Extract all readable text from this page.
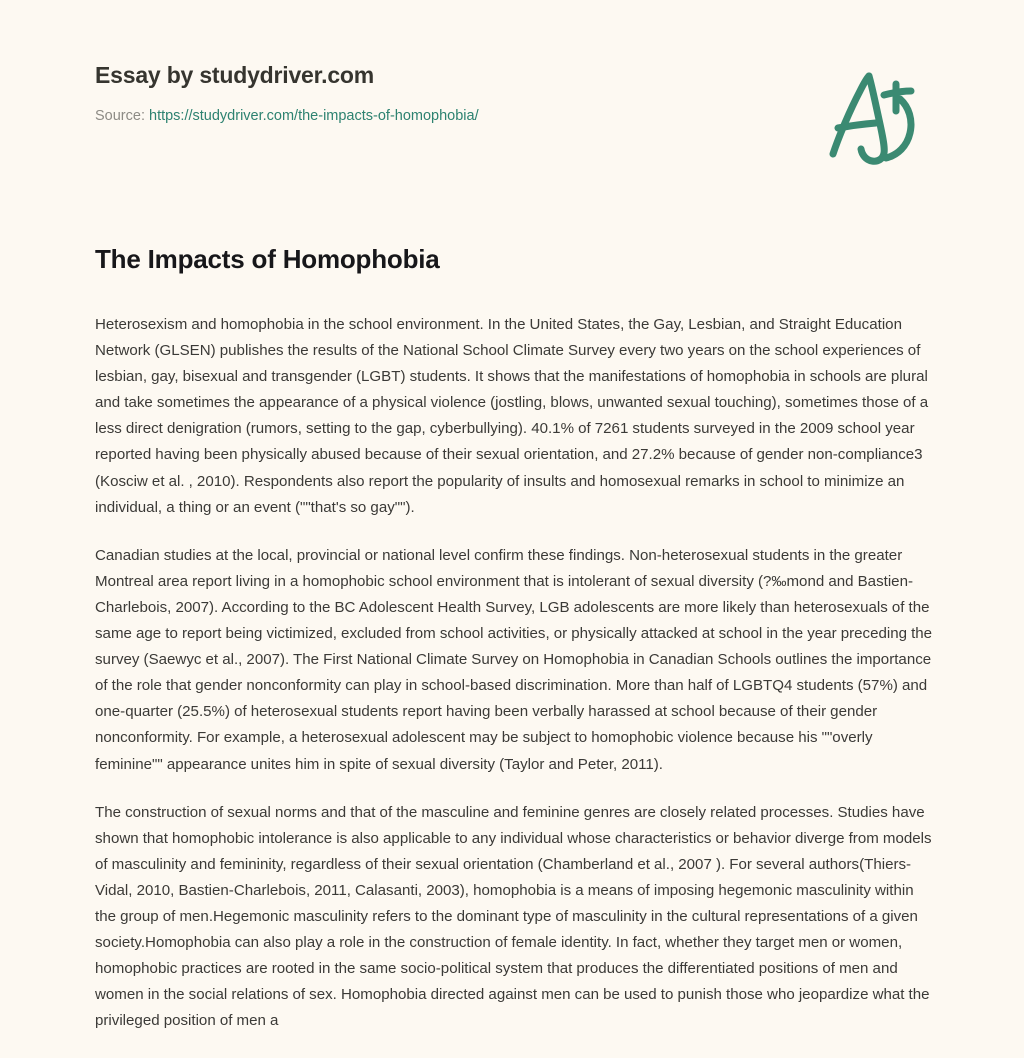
Essay by studydriver.com
Source: https://studydriver.com/the-impacts-of-homophobia/
The Impacts of Homophobia

Heterosexism and homophobia in the school environment. In the United States, the Gay, Lesbian, and Straight Education Network (GLSEN) publishes the results of the National School Climate Survey every two years on the school experiences of lesbian, gay, bisexual and transgender (LGBT) students. It shows that the manifestations of homophobia in schools are plural and take sometimes the appearance of a physical violence (jostling, blows, unwanted sexual touching), sometimes those of a less direct denigration (rumors, setting to the gap, cyberbullying). 40.1% of 7261 students surveyed in the 2009 school year reported having been physically abused because of their sexual orientation, and 27.2% because of gender non-compliance3 (Kosciw et al. , 2010). Respondents also report the popularity of insults and homosexual remarks in school to minimize an individual, a thing or an event (""that's so gay"").

Canadian studies at the local, provincial or national level confirm these findings. Non-heterosexual students in the greater Montreal area report living in a homophobic school environment that is intolerant of sexual diversity (?‰mond and Bastien-Charlebois, 2007). According to the BC Adolescent Health Survey, LGB adolescents are more likely than heterosexuals of the same age to report being victimized, excluded from school activities, or physically attacked at school in the year preceding the survey (Saewyc et al., 2007). The First National Climate Survey on Homophobia in Canadian Schools outlines the importance of the role that gender nonconformity can play in school-based discrimination. More than half of LGBTQ4 students (57%) and one-quarter (25.5%) of heterosexual students report having been verbally harassed at school because of their gender nonconformity. For example, a heterosexual adolescent may be subject to homophobic violence because his ""overly feminine"" appearance unites him in spite of sexual diversity (Taylor and Peter, 2011).

The construction of sexual norms and that of the masculine and feminine genres are closely related processes. Studies have shown that homophobic intolerance is also applicable to any individual whose characteristics or behavior diverge from models of masculinity and femininity, regardless of their sexual orientation (Chamberland et al., 2007 ). For several authors(Thiers-Vidal, 2010, Bastien-Charlebois, 2011, Calasanti, 2003), homophobia is a means of imposing hegemonic masculinity within the group of men.Hegemonic masculinity refers to the dominant type of masculinity in the cultural representations of a given society.Homophobia can also play a role in the construction of female identity. In fact, whether they target men or women, homophobic practices are rooted in the same socio-political system that produces the differentiated positions of men and women in the social relations of sex. Homophobia directed against men can be used to punish those who jeopardize what the privileged position of men a
